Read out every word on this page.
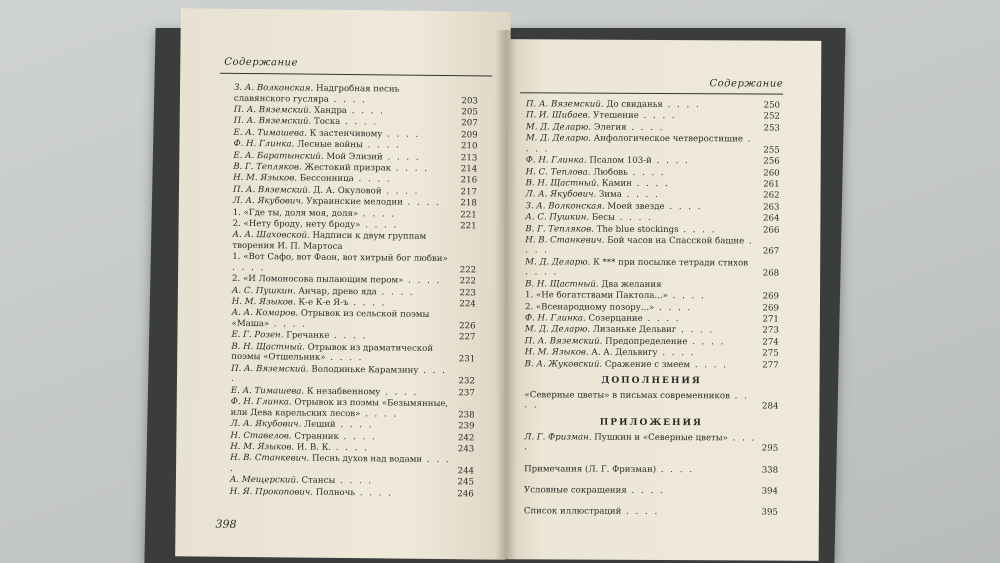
Содержание
З. А. Волконская. Надгробная песнь славянского гусляра . . . .	203
П. А. Вяземский. Хандра . . . .	205
П. А. Вяземский. Тоска . . . .	207
Е. А. Тимашева. К застенчивому . . . .	209
Ф. Н. Глинка. Лесные войны . . . .	210
Е. А. Баратынский. Мой Элизий . . . .	213
В. Г. Тепляков. Жестокий призрак . . . .	214
Н. М. Языков. Бессонница . . . .	216
П. А. Вяземский. Д. А. Окуловой . . . .	217
Л. А. Якубович. Украинские мелодии . . . . 218
1. «Где ты, доля моя, доля» . . . .	221
2. «Нету броду, нету броду» . . . .	221
А. А. Шаховской. Надписи к двум группам творения И. П. Мартоса
1. «Вот Сафо, вот Фаон, вот хитрый бог любви» . . . .	222
2. «И Ломоносова пылающим пером» . . . . 222
А. С. Пушкин. Анчар, древо яда . . . .	223
Н. М. Языков. К-е К-е Я-ъ . . . .	224
А. А. Комаров. Отрывок из сельской поэмы «Маша» . . . .	226
Е. Г. Розен. Гречанке . . . .	227
В. Н. Щастный. Отрывок из драматической поэмы «Отшельник» . . . .	231
П. А. Вяземский. Володиньке Карамзину . . . .	232
Е. А. Тимашева. К незабвенному . . . .	237
Ф. Н. Глинка. Отрывок из поэмы «Безымянные, или Дева карельских лесов» . . . .	238
Л. А. Якубович. Леший . . . .	239
Н. Ставелов. Странник . . . .	242
Н. М. Языков. И. В. К. . . . .	243
Н. В. Станкевич. Песнь духов над водами . . . .	244
А. Мещерский. Стансы . . . .	245
Н. Я. Прокопович. Полночь . . . .	246
398
Содержание
П. А. Вяземский. До свиданья . . . .	250
П. И. Шибаев. Утешение . . . .	252
М. Д. Деларю. Элегия . . . .	253
М. Д. Деларю. Анфологическое четверостишие . . . .	255
Ф. Н. Глинка. Псалом 103-й . . . .	256
Н. С. Теплова. Любовь . . . .	260
В. Н. Щастный. Камин . . . .	261
Л. А. Якубович. Зима . . . .	262
З. А. Волконская. Моей звезде . . . .	263
А. С. Пушкин. Бесы . . . .	264
В. Г. Тепляков. The blue stockings . . . .	266
Н. В. Станкевич. Бой часов на Спасской башне . . . .	267
М. Д. Деларю. К *** при посылке тетради стихов . . . .	268
В. Н. Щастный. Два желания
1. «Не богатствами Пактола...» . . . .	269
2. «Всенародному позору...» . . . .	269
Ф. Н. Глинка. Созерцание . . . .	271
М. Д. Деларю. Лизаньке Дельвиг . . . .	273
П. А. Вяземский. Предопределение . . . .	274
Н. М. Языков. А. А. Дельвигу . . . .	275
В. А. Жуковский. Сражение с змеем . . . .	277
ДОПОЛНЕНИЯ
«Северные цветы» в письмах современников . . . .	284
ПРИЛОЖЕНИЯ
Л. Г. Фризман. Пушкин и «Северные цветы» . . . .	295
Примечания (Л. Г. Фризман) . . . .	338
Условные сокращения . . . .	394
Список иллюстраций . . . .	395
